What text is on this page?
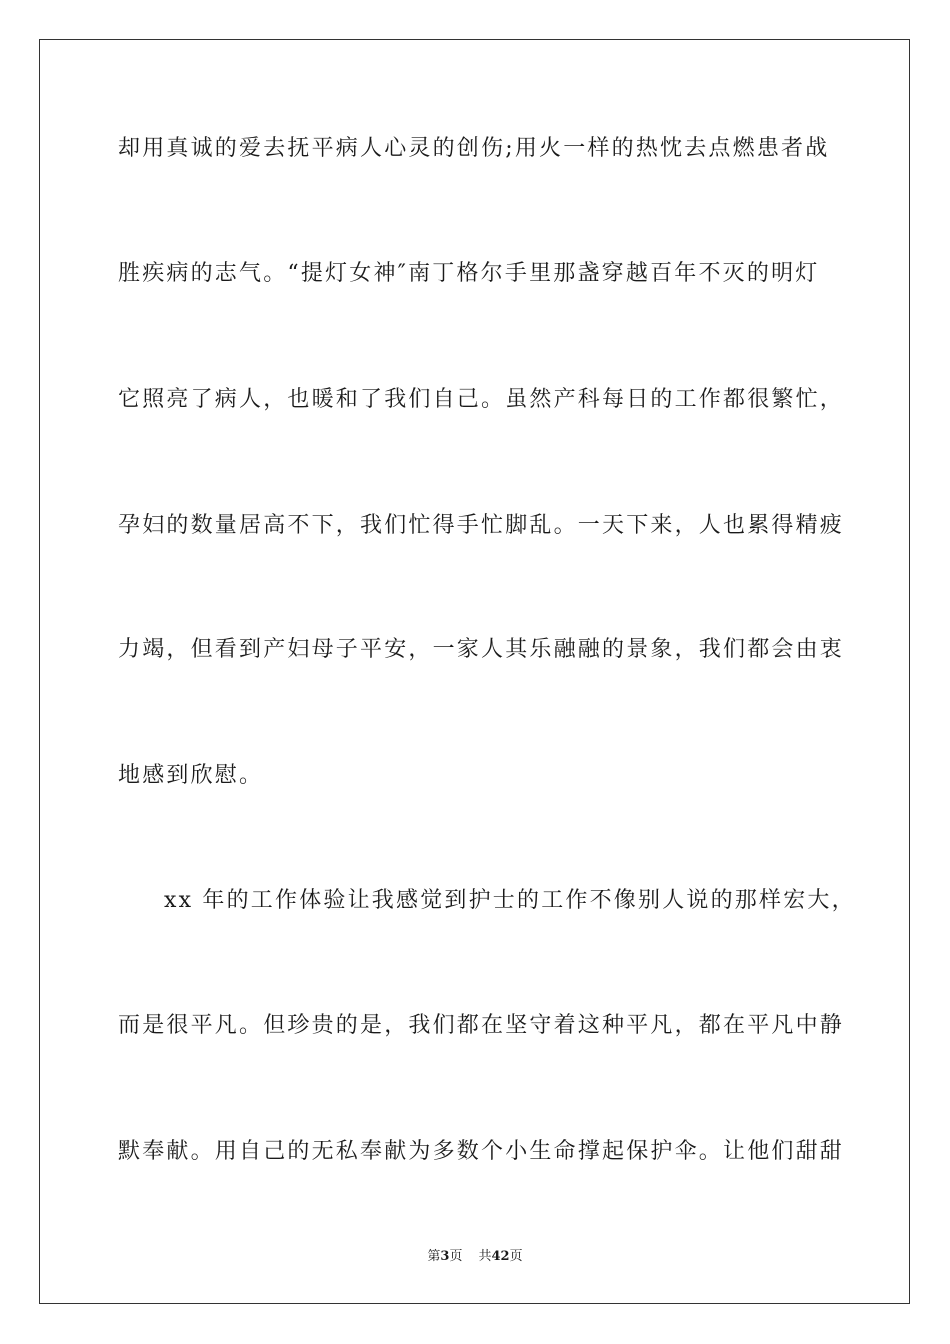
却用真诚的爱去抚平病人心灵的创伤;用火一样的热忱去点燃患者战
胜疾病的志气。“提灯女神″南丁格尔手里那盏穿越百年不灭的明灯
它照亮了病人，也暖和了我们自己。虽然产科每日的工作都很繁忙，
孕妇的数量居高不下，我们忙得手忙脚乱。一天下来，人也累得精疲
力竭，但看到产妇母子平安，一家人其乐融融的景象，我们都会由衷
地感到欣慰。
xx 年的工作体验让我感觉到护士的工作不像别人说的那样宏大，
而是很平凡。但珍贵的是，我们都在坚守着这种平凡，都在平凡中静
默奉献。用自己的无私奉献为多数个小生命撑起保护伞。让他们甜甜
第3页 共42页
